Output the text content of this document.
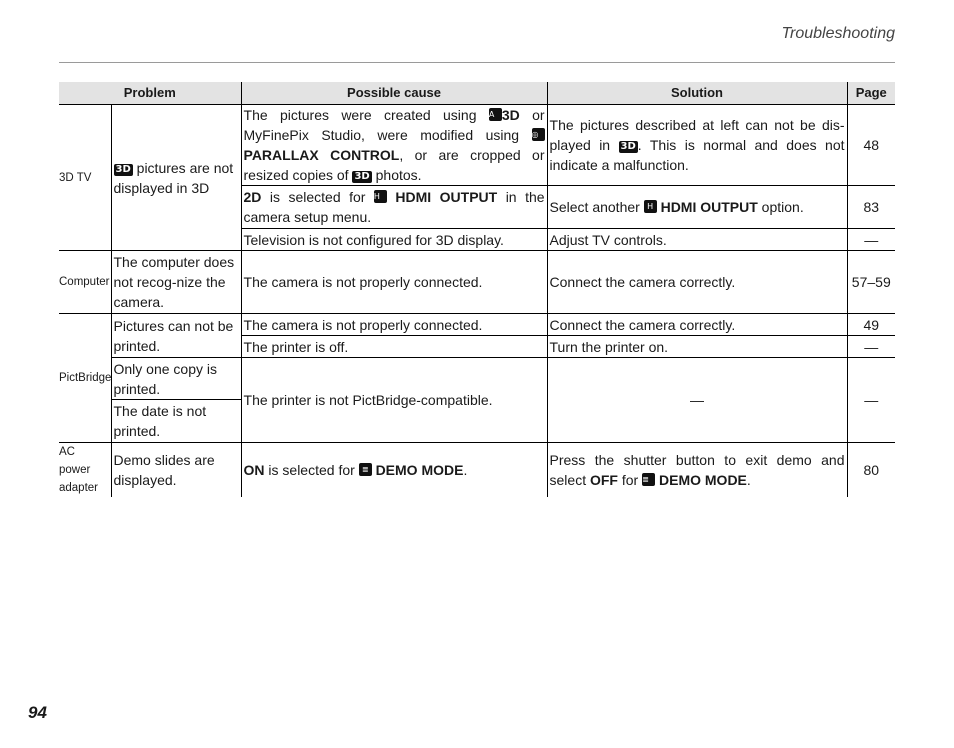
Troubleshooting
Problem		Possible cause	Solution	Page
3D TV	3D pictures are not displayed in 3D	The pictures were created using A 3D or MyFinePix Studio, were modified using ◎ PARALLAX CONTROL, or are cropped or resized copies of 3D photos.	The pictures described at left can not be dis-played in 3D . This is normal and does not indicate a malfunction.	48
		2D is selected for H HDMI OUTPUT in the camera setup menu.	Select another H HDMI OUTPUT option.	83
		Television is not configured for 3D display.	Adjust TV controls.	—
Computer	The computer does not recog-nize the camera.	The camera is not properly connected.	Connect the camera correctly.	57–59
PictBridge	Pictures can not be printed.	The camera is not properly connected.	Connect the camera correctly.	49
		The printer is off.	Turn the printer on.	—
	Only one copy is printed.	The printer is not PictBridge-compatible.	—	—
	The date is not printed.			

AC power adapter	Demo slides are displayed.	ON is selected for ≣ DEMO MODE.	Press the shutter button to exit demo and select OFF for ≣ DEMO MODE.	80
94
